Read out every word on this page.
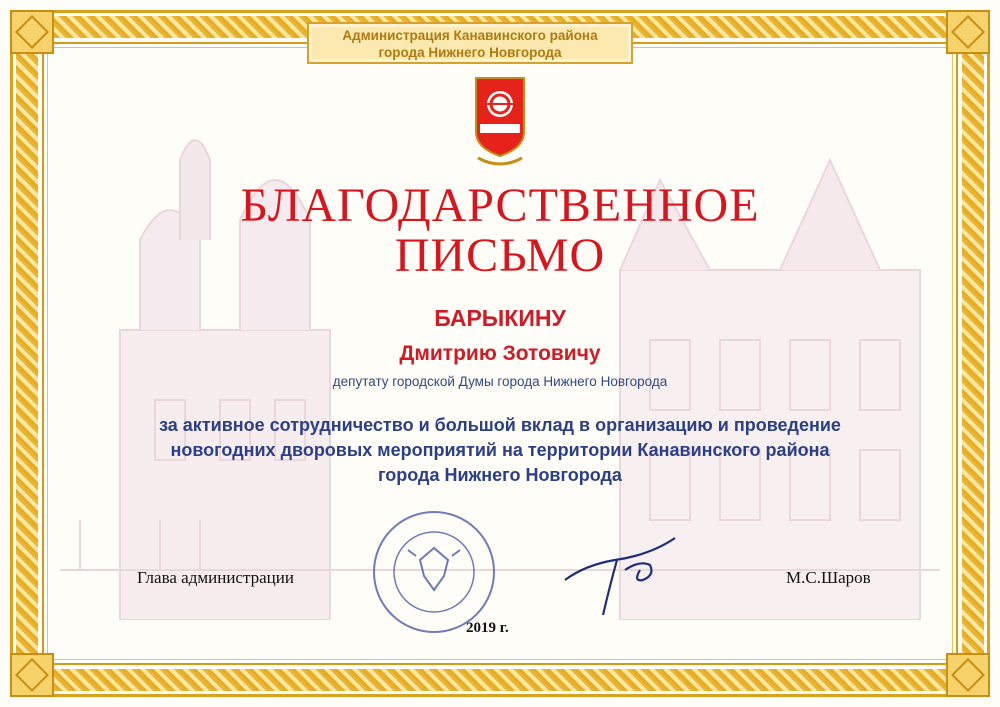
Администрация Канавинского района
города Нижнего Новгорода
БЛАГОДАРСТВЕННОЕ
ПИСЬМО
БАРЫКИНУ
Дмитрию Зотовичу
депутату городской Думы города Нижнего Новгорода
за активное сотрудничество и большой вклад в организацию и проведение
новогодних дворовых мероприятий на территории Канавинского района
города Нижнего Новгорода
Глава администрации	М.С.Шаров
2019 г.
